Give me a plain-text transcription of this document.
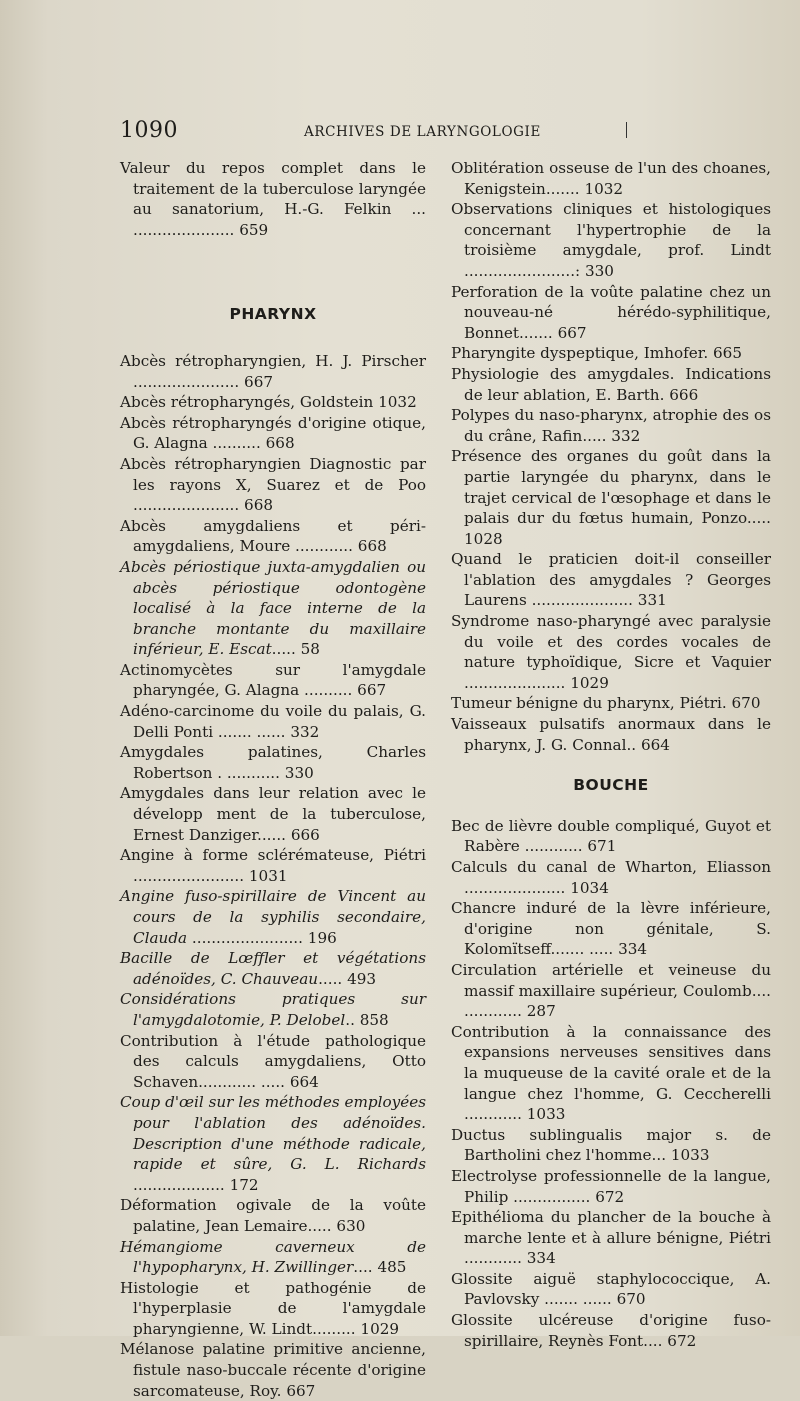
1090	ARCHIVES DE LARYNGOLOGIE
Valeur du repos complet dans le traitement de la tuberculose laryngée au sanatorium, H.-G. Felkin ... ..................... 659
PHARYNX
Abcès rétropharyngien, H. J. Pirscher ...................... 667
Abcès rétropharyngés, Goldstein 1032
Abcès rétropharyngés d'origine otique, G. Alagna .......... 668
Abcès rétropharyngien Diagnostic par les rayons X, Suarez et de Poo ...................... 668
Abcès amygdaliens et péri-amygdaliens, Moure ............ 668
Abcès périostique juxta-amygdalien ou abcès périostique odontogène localisé à la face interne de la branche montante du maxillaire inférieur, E. Escat..... 58
Actinomycètes sur l'amygdale pharyngée, G. Alagna .......... 667
Adéno-carcinome du voile du palais, G. Delli Ponti ....... ...... 332
Amygdales palatines, Charles Robertson . ........... 330
Amygdales dans leur relation avec le développ ment de la tuberculose, Ernest Danziger...... 666
Angine à forme sclérémateuse, Piétri ....................... 1031
Angine fuso-spirillaire de Vincent au cours de la syphilis secondaire, Clauda ....................... 196
Bacille de Lœffler et végétations adénoïdes, C. Chauveau..... 493
Considérations pratiques sur l'amygdalotomie, P. Delobel.. 858
Contribution à l'étude pathologique des calculs amygdaliens, Otto Schaven............ ..... 664
Coup d'œil sur les méthodes employées pour l'ablation des adénoïdes. Description d'une méthode radicale, rapide et sûre, G. L. Richards ................... 172
Déformation ogivale de la voûte palatine, Jean Lemaire..... 630
Hémangiome caverneux de l'hypopharynx, H. Zwillinger.... 485
Histologie et pathogénie de l'hyperplasie de l'amygdale pharyngienne, W. Lindt......... 1029
Mélanose palatine primitive ancienne, fistule naso-buccale récente d'origine sarcomateuse, Roy. 667
Oblitération osseuse de l'un des choanes, Kenigstein....... 1032
Observations cliniques et histologiques concernant l'hypertrophie de la troisième amygdale, prof. Lindt .......................: 330
Perforation de la voûte palatine chez un nouveau-né hérédo-syphilitique, Bonnet....... 667
Pharyngite dyspeptique, Imhofer. 665
Physiologie des amygdales. Indications de leur ablation, E. Barth. 666
Polypes du naso-pharynx, atrophie des os du crâne, Rafin..... 332
Présence des organes du goût dans la partie laryngée du pharynx, dans le trajet cervical de l'œsophage et dans le palais dur du fœtus humain, Ponzo..... 1028
Quand le praticien doit-il conseiller l'ablation des amygdales ? Georges Laurens ..................... 331
Syndrome naso-pharyngé avec paralysie du voile et des cordes vocales de nature typhoïdique, Sicre et Vaquier ..................... 1029
Tumeur bénigne du pharynx, Piétri. 670
Vaisseaux pulsatifs anormaux dans le pharynx, J. G. Connal.. 664
BOUCHE
Bec de lièvre double compliqué, Guyot et Rabère ............ 671
Calculs du canal de Wharton, Eliasson ..................... 1034
Chancre induré de la lèvre inférieure, d'origine non génitale, S. Kolomïtseff....... ..... 334
Circulation artérielle et veineuse du massif maxillaire supérieur, Coulomb.... ............ 287
Contribution à la connaissance des expansions nerveuses sensitives dans la muqueuse de la cavité orale et de la langue chez l'homme, G. Ceccherelli ............ 1033
Ductus sublingualis major s. de Bartholini chez l'homme... 1033
Electrolyse professionnelle de la langue, Philip ................ 672
Epithélioma du plancher de la bouche à marche lente et à allure bénigne, Piétri ............ 334
Glossite aiguë staphylococcique, A. Pavlovsky ....... ...... 670
Glossite ulcéreuse d'origine fuso-spirillaire, Reynès Font.... 672
